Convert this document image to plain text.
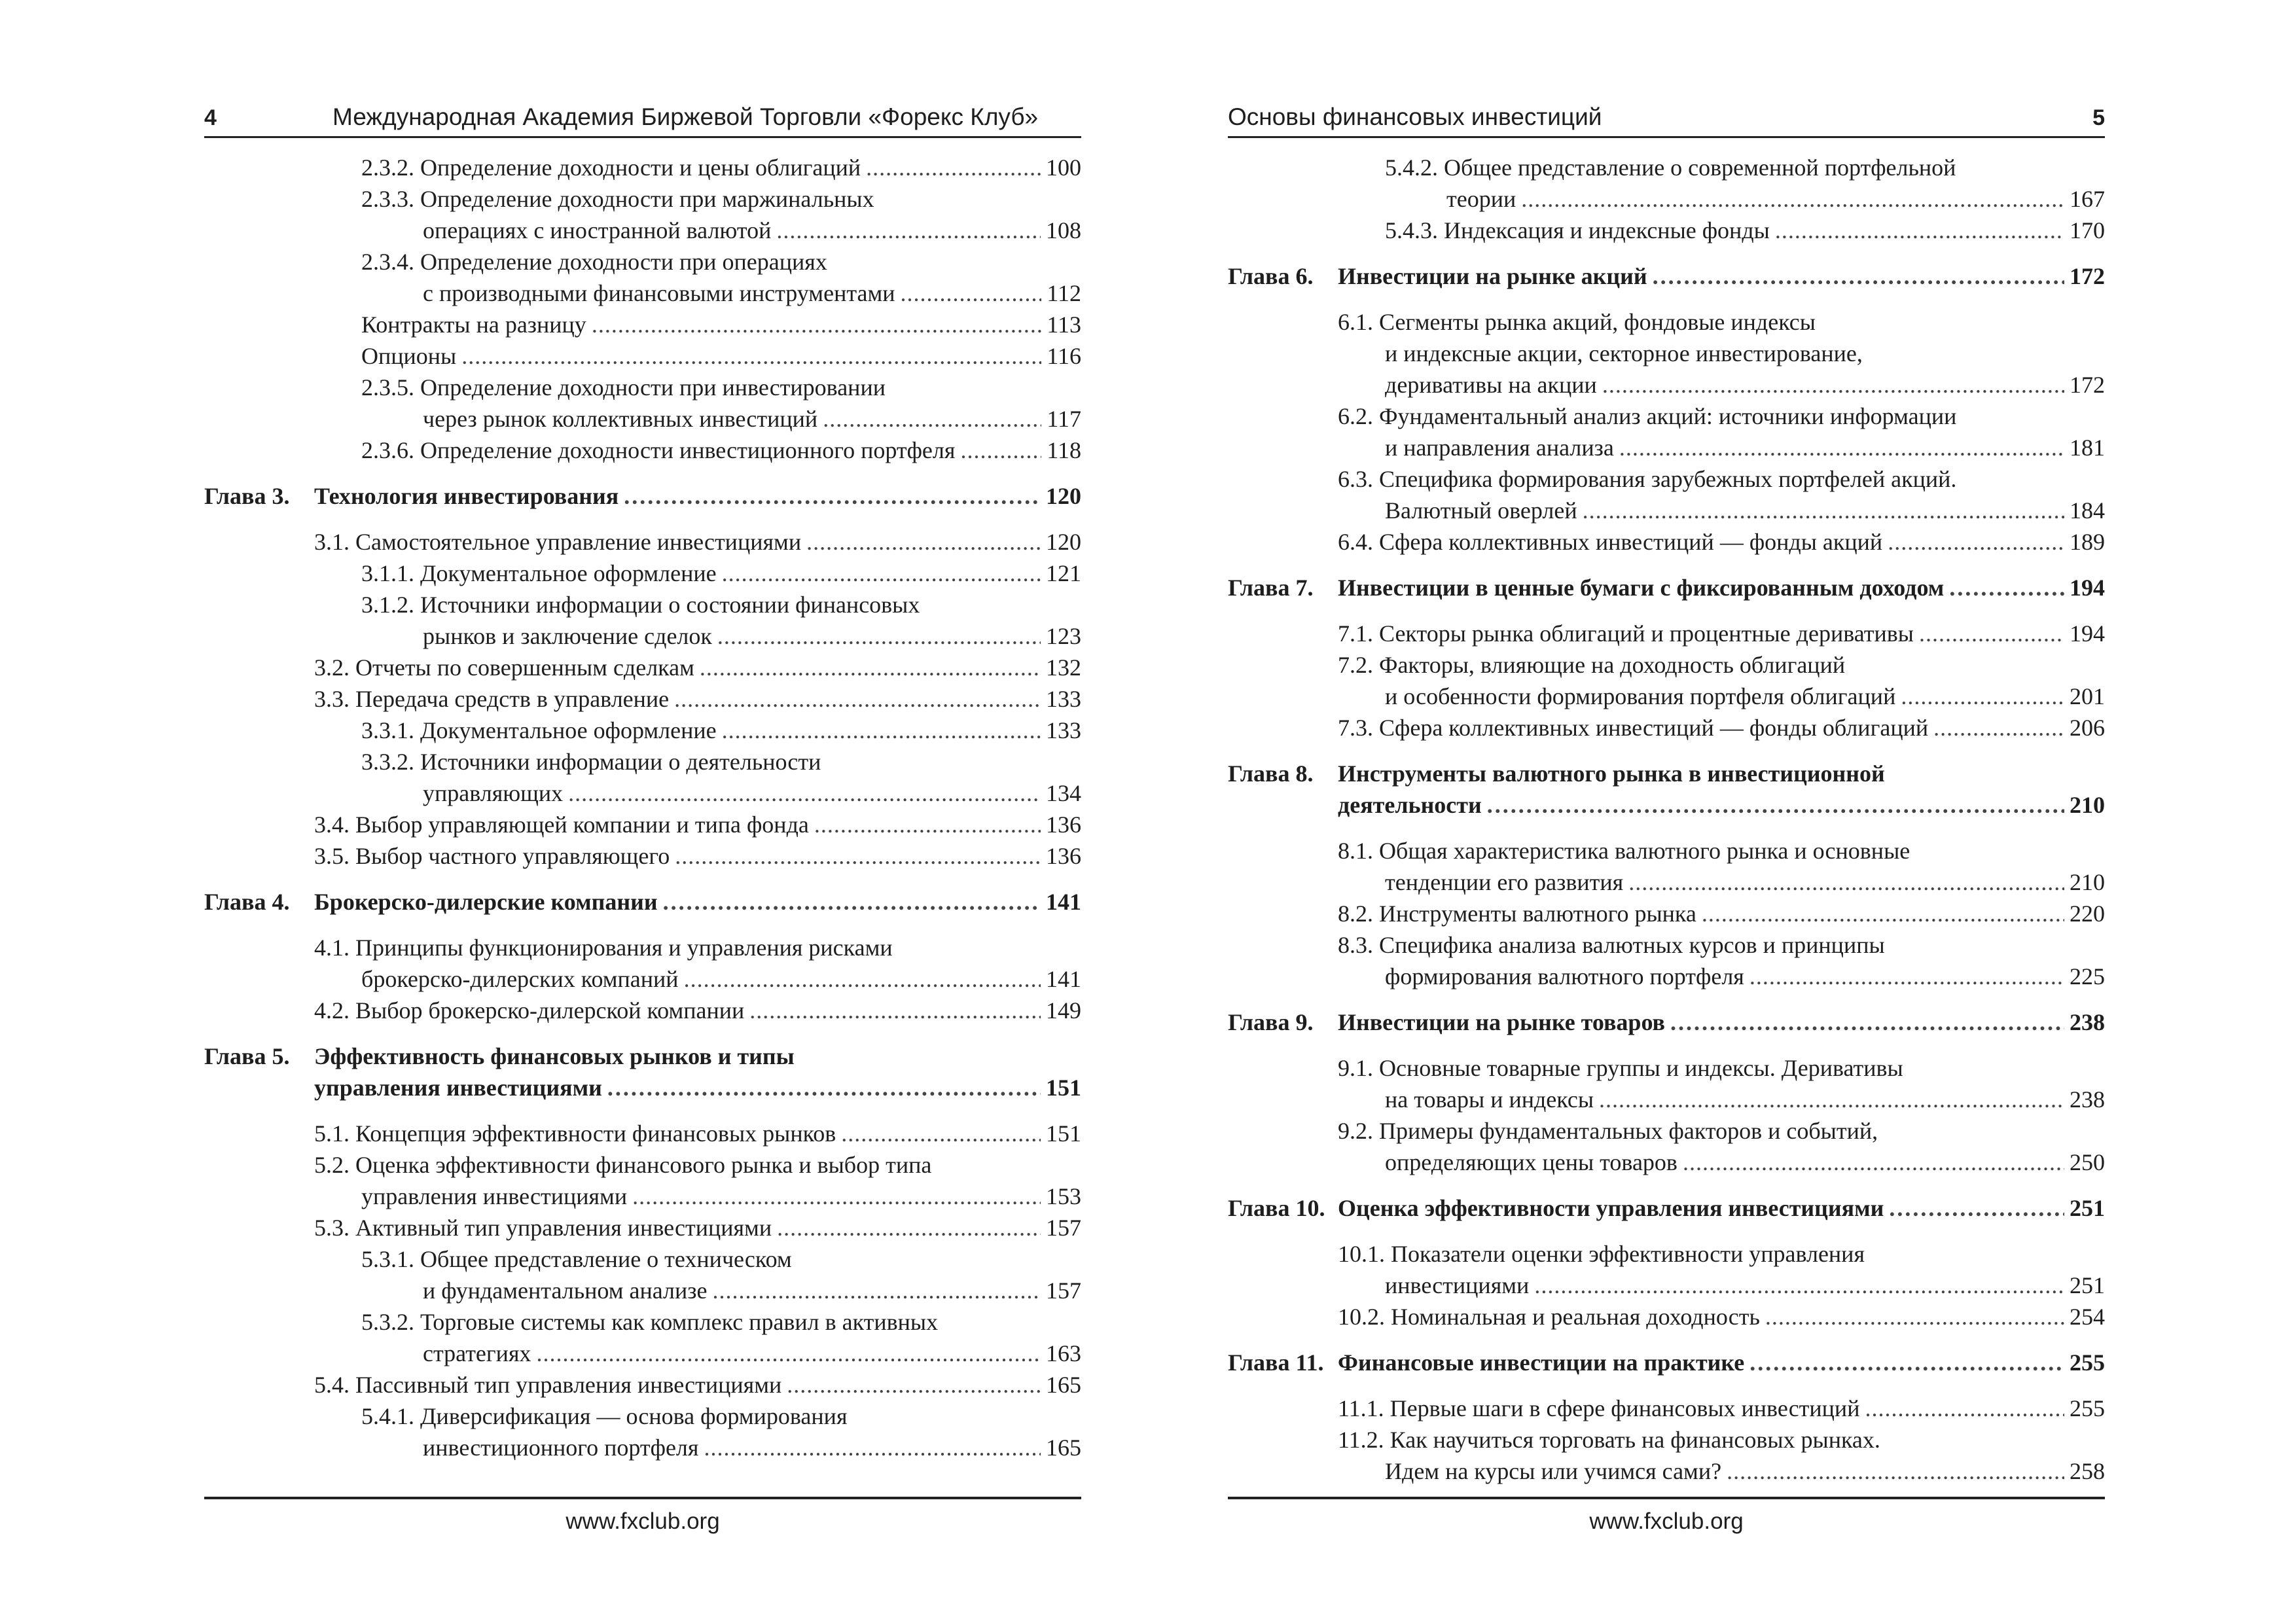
4	Международная Академия Биржевой Торговли «Форекс Клуб»
2.3.2. Определение доходности и цены облигаций .....	100
2.3.3. Определение доходности при маржинальных
операциях с иностранной валютой .....	108
2.3.4. Определение доходности при операциях
с производными финансовыми инструментами .....	112
Контракты на разницу .....	113
Опционы .....	116
2.3.5. Определение доходности при инвестировании
через рынок коллективных инвестиций .....	117
2.3.6. Определение доходности инвестиционного портфеля .....	118
Глава 3.	Технология инвестирования .....	120
3.1. Самостоятельное управление инвестициями .....	120
3.1.1. Документальное оформление .....	121
3.1.2. Источники информации о состоянии финансовых
рынков и заключение сделок .....	123
3.2. Отчеты по совершенным сделкам .....	132
3.3. Передача средств в управление .....	133
3.3.1. Документальное оформление .....	133
3.3.2. Источники информации о деятельности
управляющих .....	134
3.4. Выбор управляющей компании и типа фонда .....	136
3.5. Выбор частного управляющего .....	136
Глава 4.	Брокерско-дилерские компании .....	141
4.1. Принципы функционирования и управления рисками
брокерско-дилерских компаний .....	141
4.2. Выбор брокерско-дилерской компании .....	149
Глава 5.	Эффективность финансовых рынков и типы
управления инвестициями .....	151
5.1. Концепция эффективности финансовых рынков .....	151
5.2. Оценка эффективности финансового рынка и выбор типа
управления инвестициями .....	153
5.3. Активный тип управления инвестициями .....	157
5.3.1. Общее представление о техническом
и фундаментальном анализе .....	157
5.3.2. Торговые системы как комплекс правил в активных
стратегиях .....	163
5.4. Пассивный тип управления инвестициями .....	165
5.4.1. Диверсификация — основа формирования
инвестиционного портфеля .....	165
www.fxclub.org
Основы финансовых инвестиций	5
5.4.2. Общее представление о современной портфельной
теории .....	167
5.4.3. Индексация и индексные фонды .....	170
Глава 6.	Инвестиции на рынке акций .....	172
6.1. Сегменты рынка акций, фондовые индексы
и индексные акции, секторное инвестирование,
деривативы на акции .....	172
6.2. Фундаментальный анализ акций: источники информации
и направления анализа .....	181
6.3. Специфика формирования зарубежных портфелей акций.
Валютный оверлей .....	184
6.4. Сфера коллективных инвестиций — фонды акций .....	189
Глава 7.	Инвестиции в ценные бумаги с фиксированным доходом .....	194
7.1. Секторы рынка облигаций и процентные деривативы .....	194
7.2. Факторы, влияющие на доходность облигаций
и особенности формирования портфеля облигаций .....	201
7.3. Сфера коллективных инвестиций — фонды облигаций .....	206
Глава 8.	Инструменты валютного рынка в инвестиционной
деятельности .....	210
8.1. Общая характеристика валютного рынка и основные
тенденции его развития .....	210
8.2. Инструменты валютного рынка .....	220
8.3. Специфика анализа валютных курсов и принципы
формирования валютного портфеля .....	225
Глава 9.	Инвестиции на рынке товаров .....	238
9.1. Основные товарные группы и индексы. Деривативы
на товары и индексы .....	238
9.2. Примеры фундаментальных факторов и событий,
определяющих цены товаров .....	250
Глава 10. Оценка эффективности управления инвестициями .....	251
10.1. Показатели оценки эффективности управления
инвестициями .....	251
10.2. Номинальная и реальная доходность .....	254
Глава 11. Финансовые инвестиции на практике .....	255
11.1. Первые шаги в сфере финансовых инвестиций .....	255
11.2. Как научиться торговать на финансовых рынках.
Идем на курсы или учимся сами? .....	258
www.fxclub.org
